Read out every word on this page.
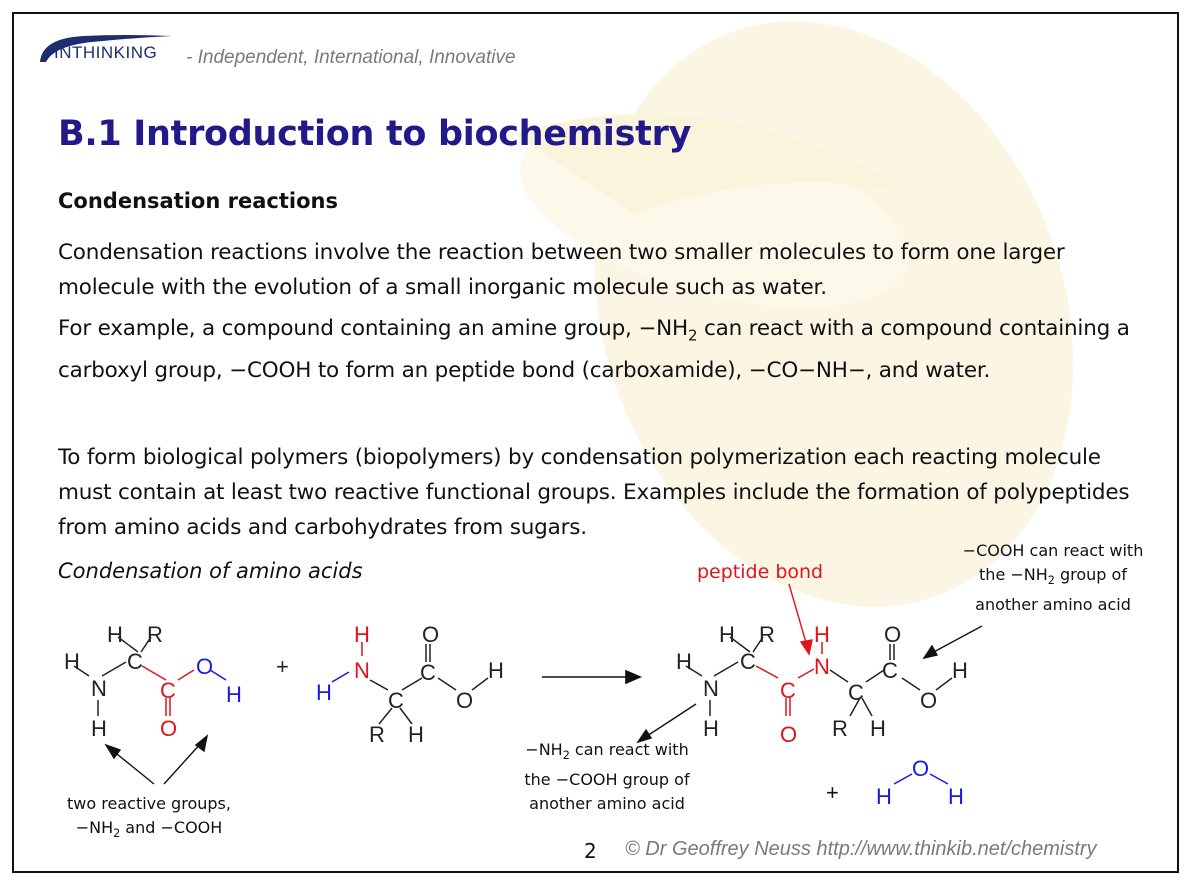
INTHINKING - Independent, International, Innovative
B.1 Introduction to biochemistry
Condensation reactions
Condensation reactions involve the reaction between two smaller molecules to form one larger molecule with the evolution of a small inorganic molecule such as water.
For example, a compound containing an amine group, $-NH_2$ can react with a compound containing a carboxyl group, −COOH to form an peptide bond (carboxamide), −CO−NH−, and water.
To form biological polymers (biopolymers) by condensation polymerization each reacting molecule must contain at least two reactive functional groups. Examples include the formation of polypeptides from amino acids and carbohydrates from sugars.
Condensation of amino acids	peptide bond
−COOH can react with
the $-NH_2$ group of
another amino acid
$-NH_2$ can react with
the −COOH group of
another amino acid
two reactive groups,
$-NH_2$ and −COOH
H
N
H
H R
C
C
O
O
H
+
H
N
H	C
R H
O
C
O
H	H
N
H
H R
C
C
O
H
N
C
R H
O
C
O
H
+ H
O
H
2 © Dr Geoffrey Neuss http://www.thinkib.net/chemistry
